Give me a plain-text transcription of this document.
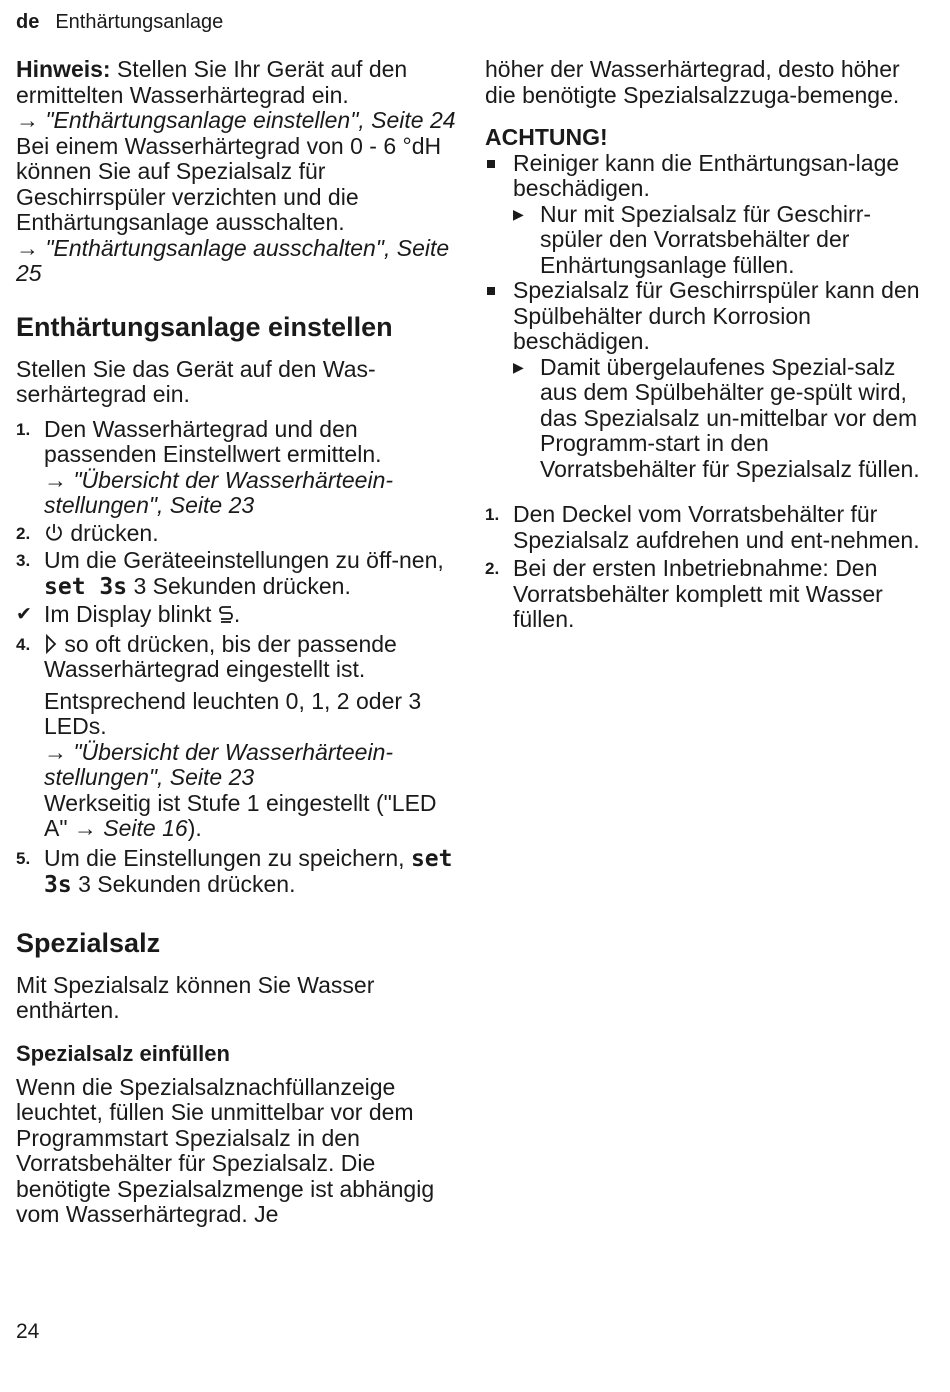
de Enthärtungsanlage

Hinweis: Stellen Sie Ihr Gerät auf den ermittelten Wasserhärtegrad ein.

→ "Enthärtungsanlage einstellen", Seite 24

Bei einem Wasserhärtegrad von 0 - 6 °dH können Sie auf Spezialsalz für Geschirrspüler verzichten und die Enthärtungsanlage ausschalten.

→ "Enthärtungsanlage ausschalten", Seite 25

Enthärtungsanlage einstellen

Stellen Sie das Gerät auf den Was-serhärtegrad ein.

1. Den Wasserhärtegrad und den passenden Einstellwert ermitteln.

→ "Übersicht der Wasserhärteein-stellungen", Seite 23

2.	drücken.

3. Um die Geräteeinstellungen zu öff-nen, set 3s 3 Sekunden drücken.

✔ Im Display blinkt .

4.	so oft drücken, bis der passende Wasserhärtegrad eingestellt ist.

Entsprechend leuchten 0, 1, 2 oder 3 LEDs.

→ "Übersicht der Wasserhärteein-stellungen", Seite 23

Werkseitig ist Stufe 1 eingestellt ("LED A" → Seite 16).

5. Um die Einstellungen zu speichern, set 3s 3 Sekunden drücken.

Spezialsalz

Mit Spezialsalz können Sie Wasser enthärten.

Spezialsalz einfüllen

Wenn die Spezialsalznachfüllanzeige leuchtet, füllen Sie unmittelbar vor dem Programmstart Spezialsalz in den Vorratsbehälter für Spezialsalz. Die benötigte Spezialsalzmenge ist abhängig vom Wasserhärtegrad. Je

höher der Wasserhärtegrad, desto höher die benötigte Spezialsalzzuga-bemenge.

ACHTUNG!

Reiniger kann die Enthärtungsan-lage beschädigen.

▶ Nur mit Spezialsalz für Geschirr-spüler den Vorratsbehälter der Enhärtungsanlage füllen.

Spezialsalz für Geschirrspüler kann den Spülbehälter durch Korrosion beschädigen.

▶ Damit übergelaufenes Spezial-salz aus dem Spülbehälter ge-spült wird, das Spezialsalz un-mittelbar vor dem Programm-start in den Vorratsbehälter für Spezialsalz füllen.

1. Den Deckel vom Vorratsbehälter für Spezialsalz aufdrehen und ent-nehmen.

2. Bei der ersten Inbetriebnahme: Den Vorratsbehälter komplett mit Wasser füllen.

24
